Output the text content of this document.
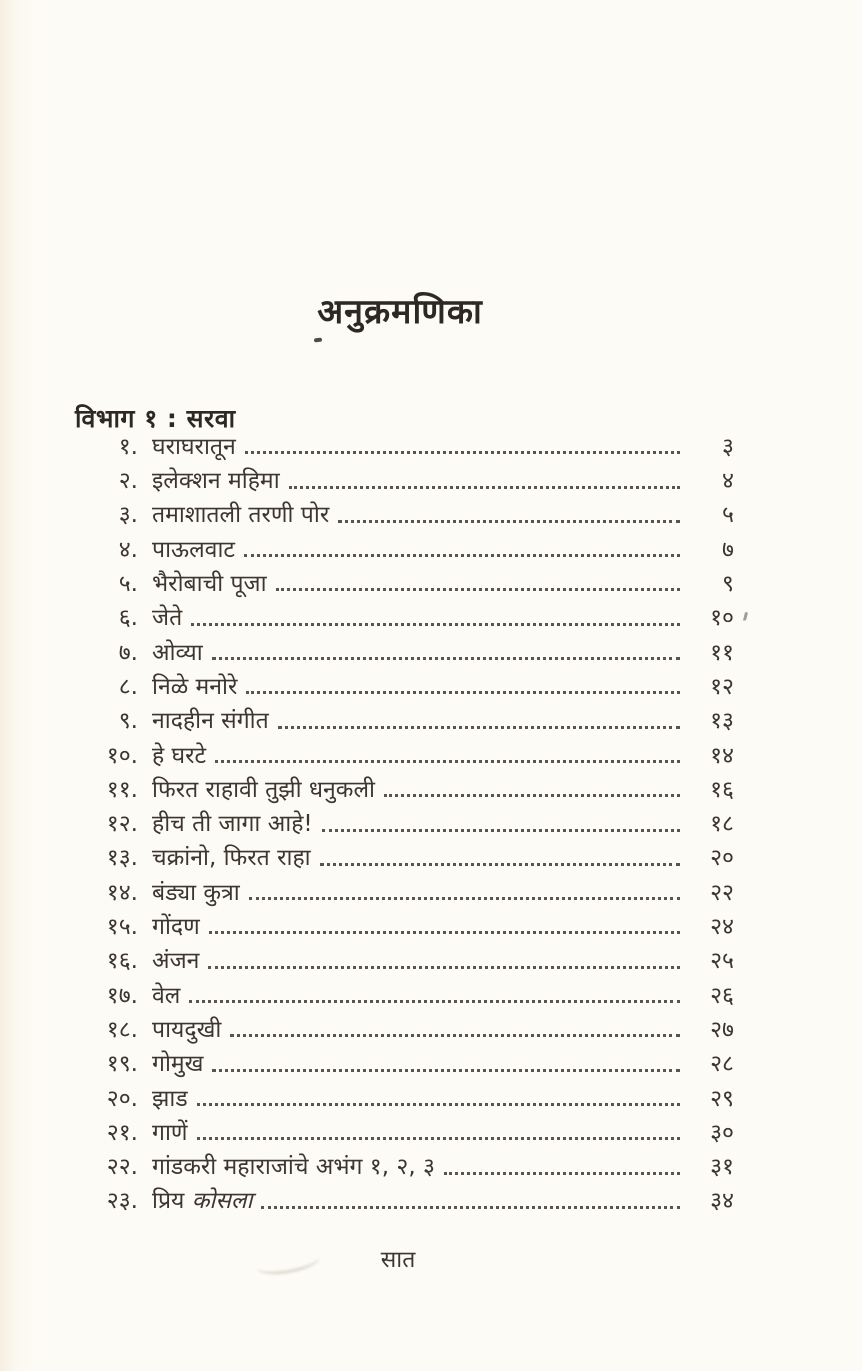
अनुक्रमणिका
विभाग १ : सरवा
१. घराघरातून	३
२. इलेक्शन महिमा	४
३. तमाशातली तरणी पोर	५
४. पाऊलवाट	७
५. भैरोबाची पूजा	९
६. जेते	१०
७. ओव्या	११
८. निळे मनोरे	१२
९. नादहीन संगीत	१३
१०. हे घरटे	१४
११. फिरत राहावी तुझी धनुकली	१६
१२. हीच ती जागा आहे!	१८
१३. चक्रांनो, फिरत राहा	२०
१४. बंड्या कुत्रा	२२
१५. गोंदण	२४
१६. अंजन	२५
१७. वेल	२६
१८. पायदुखी	२७
१९. गोमुख	२८
२०. झाड	२९
२१. गाणें	३०
२२. गांडकरी महाराजांचे अभंग १, २, ३	३१
२३. प्रिय कोसला	३४
सात
